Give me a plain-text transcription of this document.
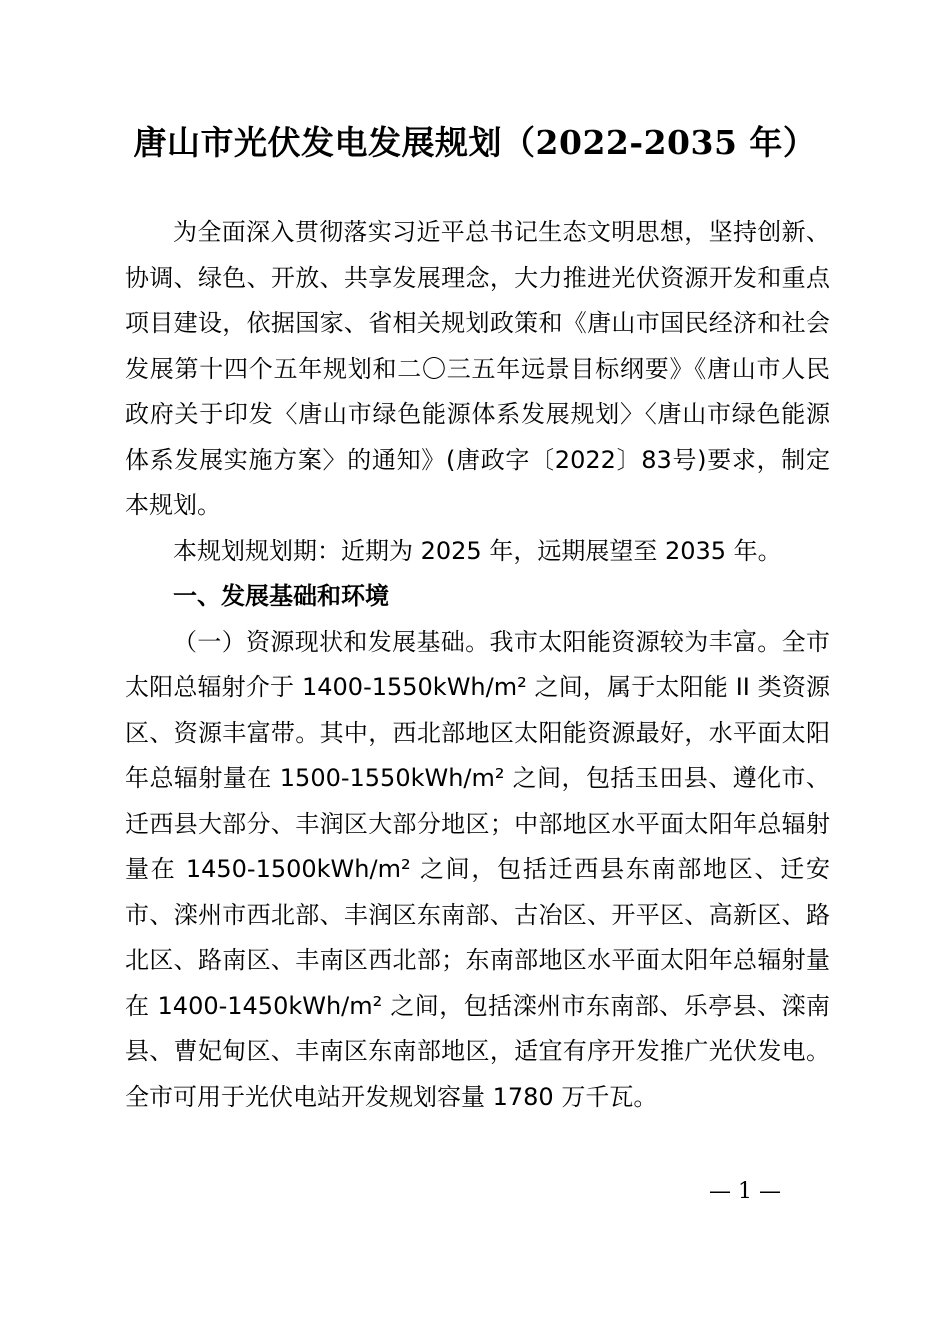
唐山市光伏发电发展规划（2022-2035 年）

为全面深入贯彻落实习近平总书记生态文明思想，坚持创新、协调、绿色、开放、共享发展理念，大力推进光伏资源开发和重点项目建设，依据国家、省相关规划政策和《唐山市国民经济和社会发展第十四个五年规划和二〇三五年远景目标纲要》《唐山市人民政府关于印发〈唐山市绿色能源体系发展规划〉〈唐山市绿色能源体系发展实施方案〉的通知》(唐政字〔2022〕83号)要求，制定本规划。

本规划规划期：近期为 2025 年，远期展望至 2035 年。

一、发展基础和环境

（一）资源现状和发展基础。我市太阳能资源较为丰富。全市太阳总辐射介于 1400-1550kWh/m² 之间，属于太阳能 II 类资源区、资源丰富带。其中，西北部地区太阳能资源最好，水平面太阳年总辐射量在 1500-1550kWh/m² 之间，包括玉田县、遵化市、迁西县大部分、丰润区大部分地区；中部地区水平面太阳年总辐射量在 1450-1500kWh/m² 之间，包括迁西县东南部地区、迁安市、滦州市西北部、丰润区东南部、古冶区、开平区、高新区、路北区、路南区、丰南区西北部；东南部地区水平面太阳年总辐射量在 1400-1450kWh/m² 之间，包括滦州市东南部、乐亭县、滦南县、曹妃甸区、丰南区东南部地区，适宜有序开发推广光伏发电。全市可用于光伏电站开发规划容量 1780 万千瓦。

— 1 —
